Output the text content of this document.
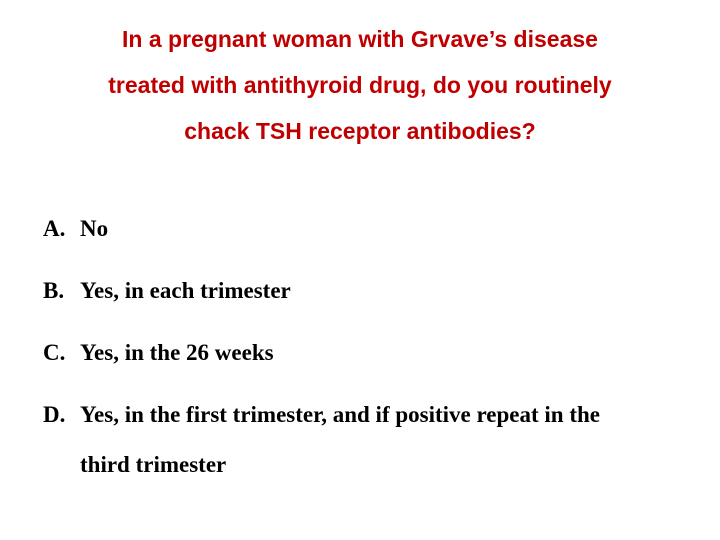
In a pregnant woman with Grvave’s disease
treated with antithyroid drug, do you routinely
chack TSH receptor antibodies?
A. No
B. Yes, in each trimester
C. Yes, in the 26 weeks
D. Yes, in the first trimester, and if positive repeat in the
third trimester
